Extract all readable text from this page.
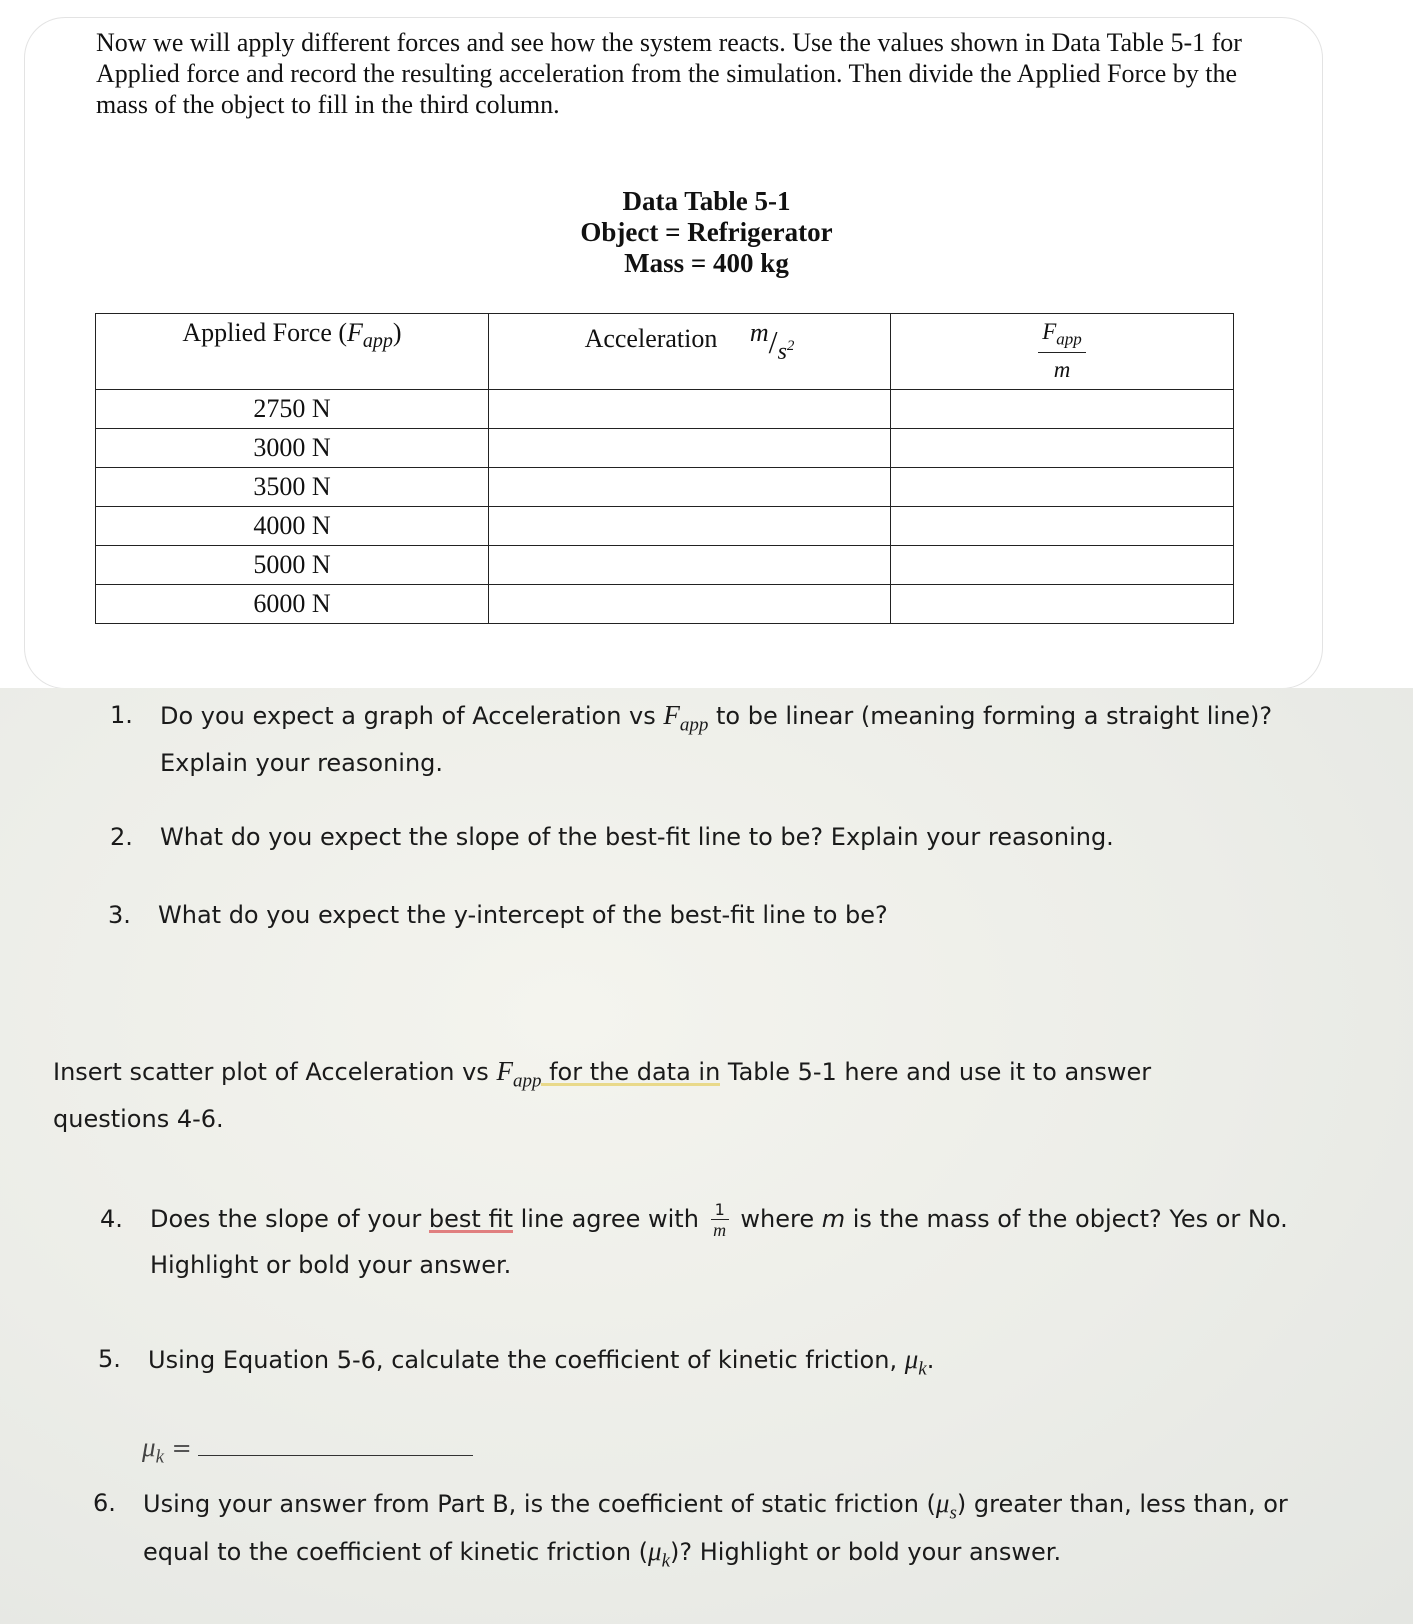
Now we will apply different forces and see how the system reacts. Use the values shown in Data Table 5-1 for Applied force and record the resulting acceleration from the simulation. Then divide the Applied Force by the mass of the object to fill in the third column.

Data Table 5-1
Object = Refrigerator
Mass = 400 kg
Applied Force $(F_{app})$	Acceleration $m/s^2$	$\frac{F_{app}}{m}$

2750 N		
3000 N		
3500 N		
4000 N		
5000 N		
6000 N		
1. Do you expect a graph of Acceleration vs $F_{app}$ to be linear (meaning forming a straight line)? Explain your reasoning.
2. What do you expect the slope of the best-fit line to be? Explain your reasoning.
3. What do you expect the y-intercept of the best-fit line to be?
Insert scatter plot of Acceleration vs $F_{app}$ for the data in Table 5-1 here and use it to answer questions 4-6.
4. Does the slope of your best fit line agree with $\frac{1}{m}$ where m is the mass of the object? Yes or No. Highlight or bold your answer.
5. Using Equation 5-6, calculate the coefficient of kinetic friction, $\mu_k$.
$\mu_k$ =
6. Using your answer from Part B, is the coefficient of static friction $(\mu_s)$ greater than, less than, or equal to the coefficient of kinetic friction $(\mu_k)$? Highlight or bold your answer.
